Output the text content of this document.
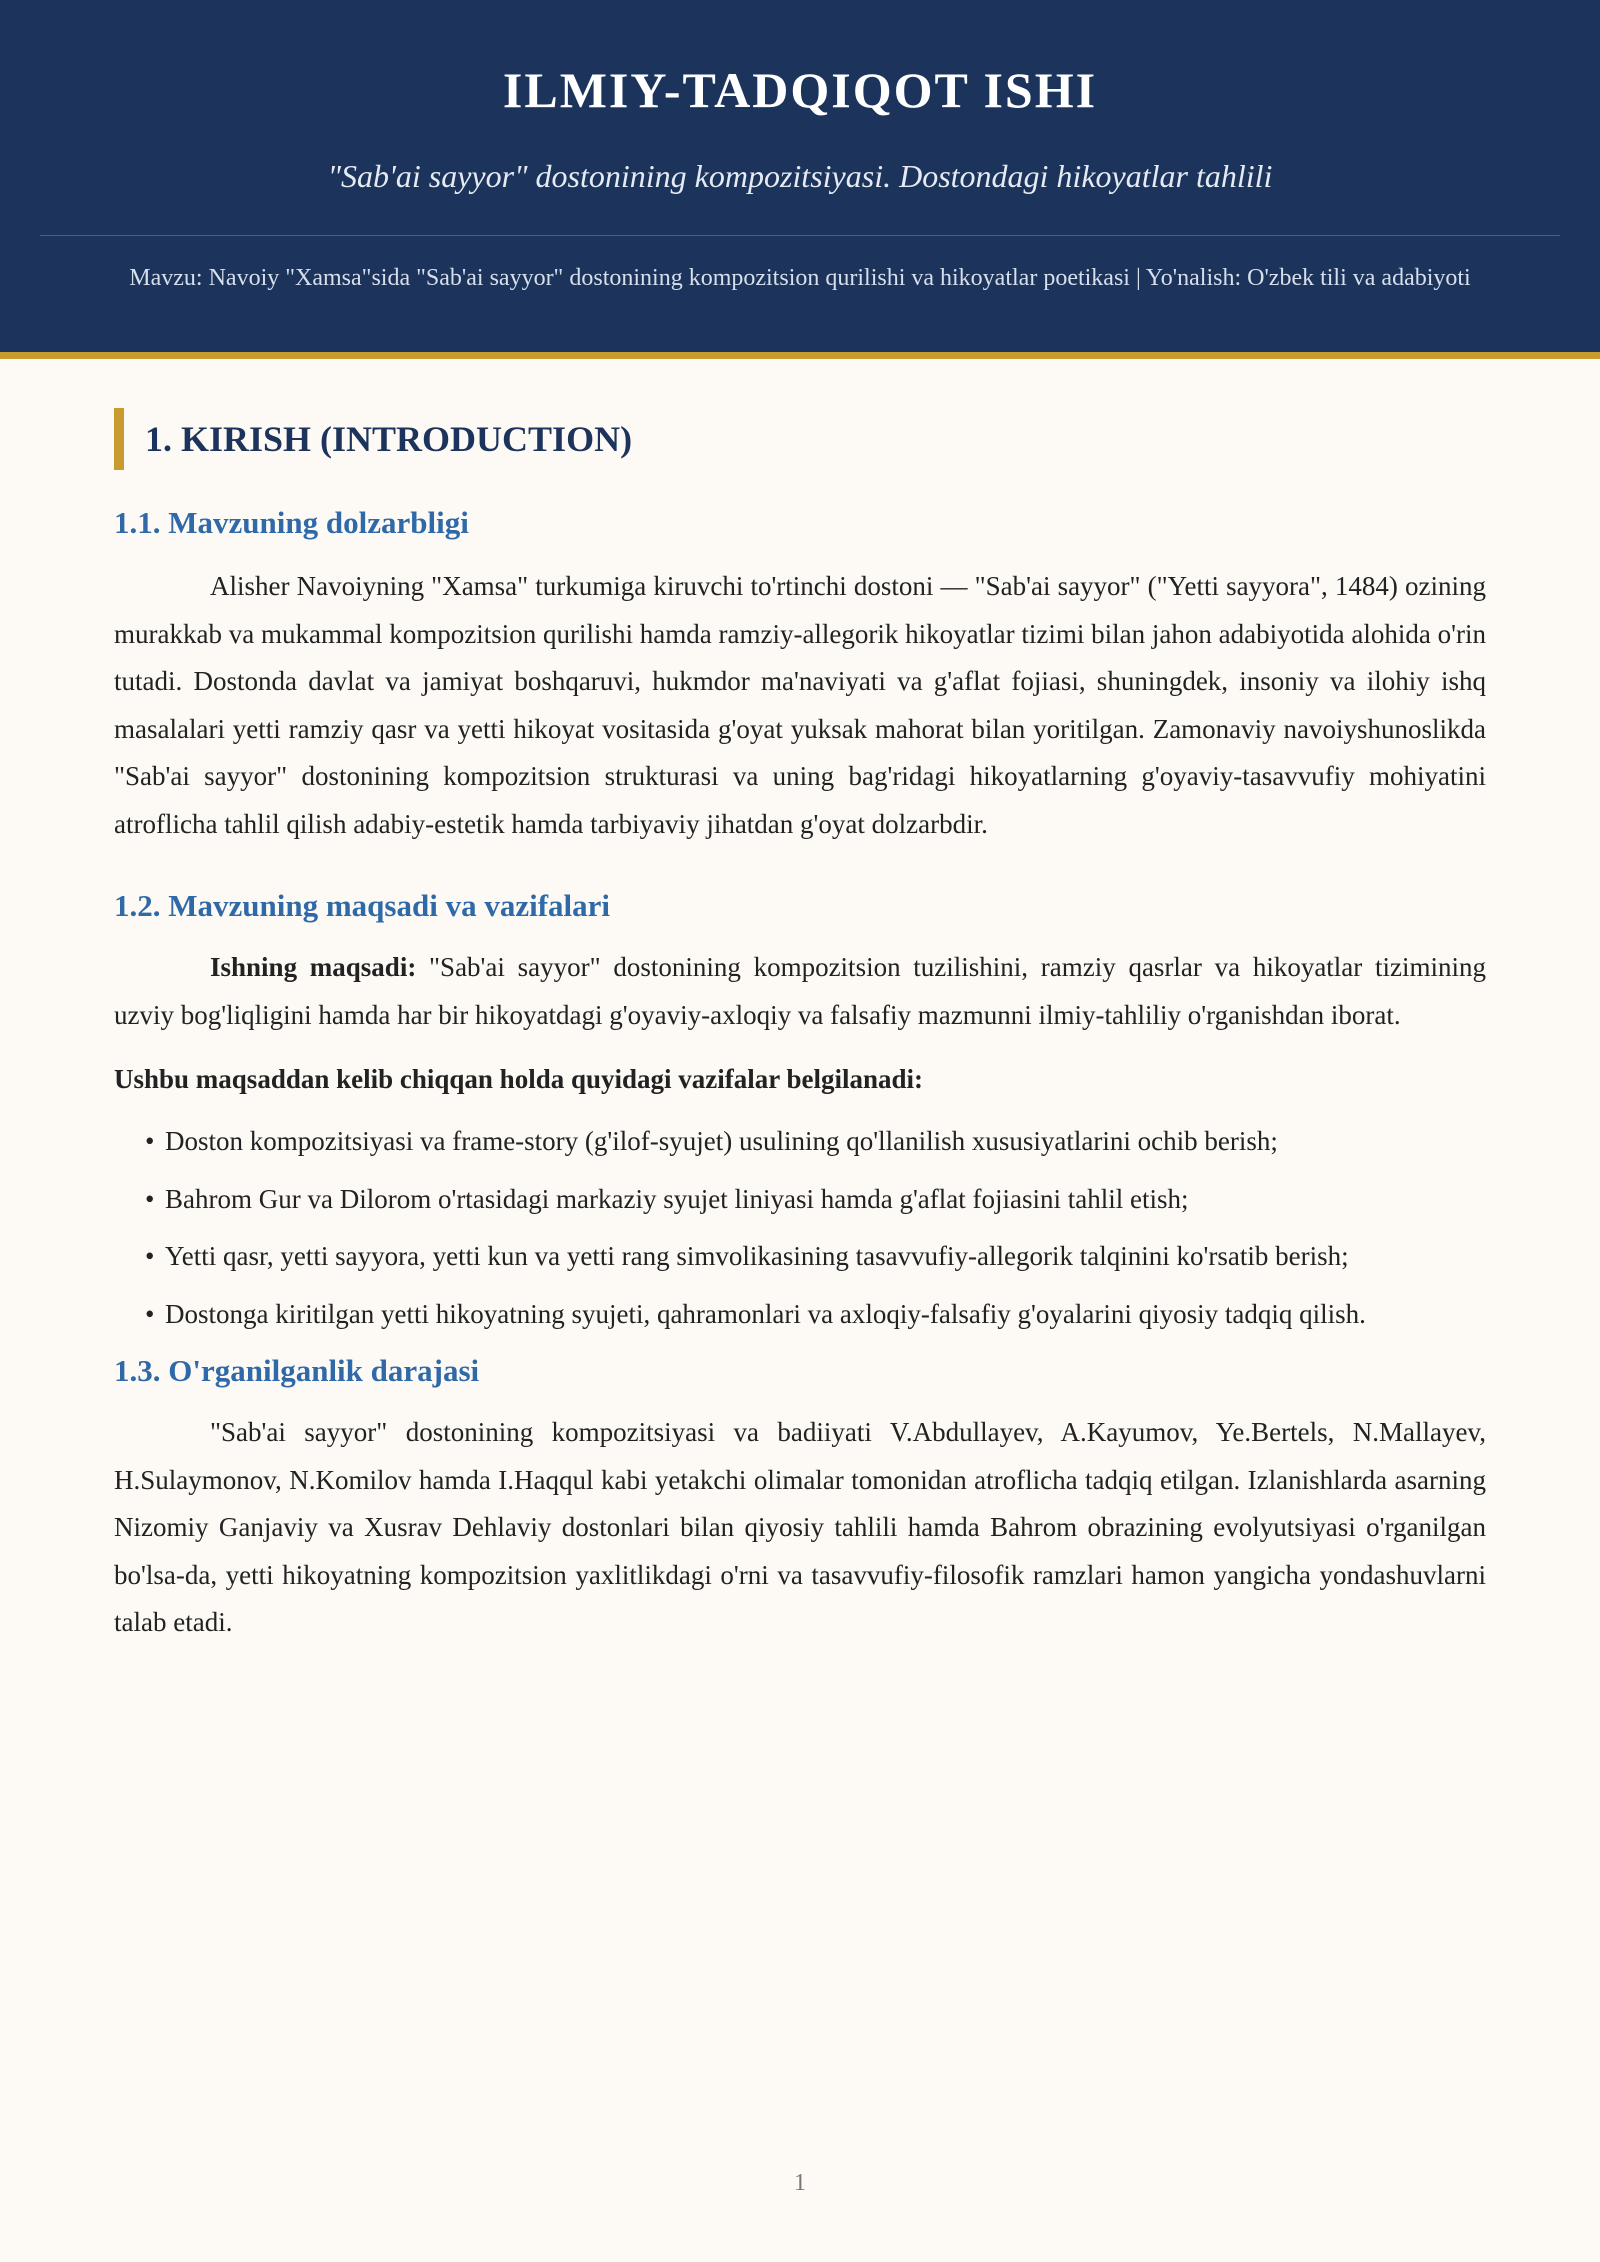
ILMIY-TADQIQOT ISHI
"Sab'ai sayyor" dostonining kompozitsiyasi. Dostondagi hikoyatlar tahlili
Mavzu: Navoiy "Xamsa"sida "Sab'ai sayyor" dostonining kompozitsion qurilishi va hikoyatlar poetikasi | Yo'nalish: O'zbek tili va adabiyoti
1. KIRISH (INTRODUCTION)
1.1. Mavzuning dolzarbligi

Alisher Navoiyning "Xamsa" turkumiga kiruvchi to'rtinchi dostoni — "Sab'ai sayyor" ("Yetti sayyora", 1484) ozining murakkab va mukammal kompozitsion qurilishi hamda ramziy-allegorik hikoyatlar tizimi bilan jahon adabiyotida alohida o'rin tutadi. Dostonda davlat va jamiyat boshqaruvi, hukmdor ma'naviyati va g'aflat fojiasi, shuningdek, insoniy va ilohiy ishq masalalari yetti ramziy qasr va yetti hikoyat vositasida g'oyat yuksak mahorat bilan yoritilgan. Zamonaviy navoiyshunoslikda "Sab'ai sayyor" dostonining kompozitsion strukturasi va uning bag'ridagi hikoyatlarning g'oyaviy-tasavvufiy mohiyatini atroflicha tahlil qilish adabiy-estetik hamda tarbiyaviy jihatdan g'oyat dolzarbdir.

1.2. Mavzuning maqsadi va vazifalari

Ishning maqsadi: "Sab'ai sayyor" dostonining kompozitsion tuzilishini, ramziy qasrlar va hikoyatlar tizimining uzviy bog'liqligini hamda har bir hikoyatdagi g'oyaviy-axloqiy va falsafiy mazmunni ilmiy-tahliliy o'rganishdan iborat.

Ushbu maqsaddan kelib chiqqan holda quyidagi vazifalar belgilanadi:
• Doston kompozitsiyasi va frame-story (g'ilof-syujet) usulining qo'llanilish xususiyatlarini ochib berish;
• Bahrom Gur va Dilorom o'rtasidagi markaziy syujet liniyasi hamda g'aflat fojiasini tahlil etish;
• Yetti qasr, yetti sayyora, yetti kun va yetti rang simvolikasining tasavvufiy-allegorik talqinini ko'rsatib berish;
• Dostonga kiritilgan yetti hikoyatning syujeti, qahramonlari va axloqiy-falsafiy g'oyalarini qiyosiy tadqiq qilish.
1.3. O'rganilganlik darajasi

"Sab'ai sayyor" dostonining kompozitsiyasi va badiiyati V.Abdullayev, A.Kayumov, Ye.Bertels, N.Mallayev, H.Sulaymonov, N.Komilov hamda I.Haqqul kabi yetakchi olimalar tomonidan atroflicha tadqiq etilgan. Izlanishlarda asarning Nizomiy Ganjaviy va Xusrav Dehlaviy dostonlari bilan qiyosiy tahlili hamda Bahrom obrazining evolyutsiyasi o'rganilgan bo'lsa-da, yetti hikoyatning kompozitsion yaxlitlikdagi o'rni va tasavvufiy-filosofik ramzlari hamon yangicha yondashuvlarni talab etadi.

1
